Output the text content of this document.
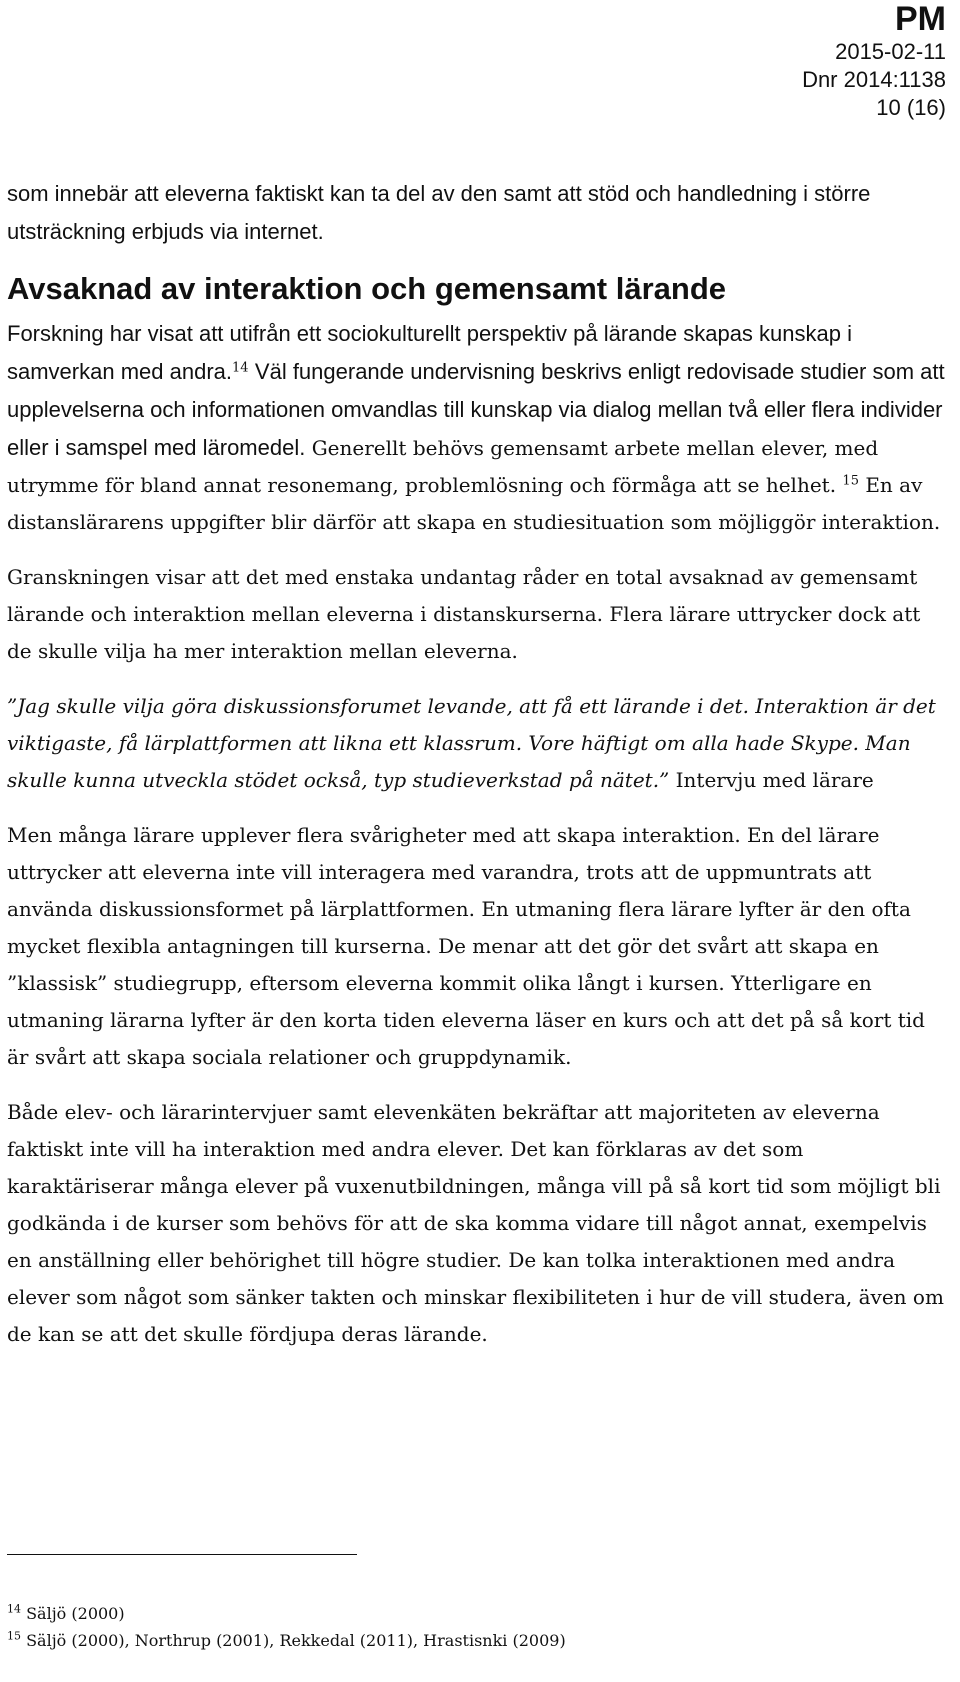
PM
2015-02-11
Dnr 2014:1138
10 (16)

som innebär att eleverna faktiskt kan ta del av den samt att stöd och handledning i större utsträckning erbjuds via internet.

Avsaknad av interaktion och gemensamt lärande

Forskning har visat att utifrån ett sociokulturellt perspektiv på lärande skapas kunskap i samverkan med andra.$^{14}$ Väl fungerande undervisning beskrivs enligt redovisade studier som att upplevelserna och informationen omvandlas till kunskap via dialog mellan två eller flera individer eller i samspel med läromedel. Generellt behövs gemensamt arbete mellan elever, med utrymme för bland annat resonemang, problemlösning och förmåga att se helhet. $^{15}$ En av distanslärarens uppgifter blir därför att skapa en studiesituation som möjliggör interaktion.

Granskningen visar att det med enstaka undantag råder en total avsaknad av gemensamt lärande och interaktion mellan eleverna i distanskurserna. Flera lärare uttrycker dock att de skulle vilja ha mer interaktion mellan eleverna.

”Jag skulle vilja göra diskussionsforumet levande, att få ett lärande i det. Interaktion är det viktigaste, få lärplattformen att likna ett klassrum. Vore häftigt om alla hade Skype. Man skulle kunna utveckla stödet också, typ studieverkstad på nätet.” Intervju med lärare

Men många lärare upplever flera svårigheter med att skapa interaktion. En del lärare uttrycker att eleverna inte vill interagera med varandra, trots att de uppmuntrats att använda diskussionsformet på lärplattformen. En utmaning flera lärare lyfter är den ofta mycket flexibla antagningen till kurserna. De menar att det gör det svårt att skapa en ”klassisk” studiegrupp, eftersom eleverna kommit olika långt i kursen. Ytterligare en utmaning lärarna lyfter är den korta tiden eleverna läser en kurs och att det på så kort tid är svårt att skapa sociala relationer och gruppdynamik.

Både elev- och lärarintervjuer samt elevenkäten bekräftar att majoriteten av eleverna faktiskt inte vill ha interaktion med andra elever. Det kan förklaras av det som karaktäriserar många elever på vuxenutbildningen, många vill på så kort tid som möjligt bli godkända i de kurser som behövs för att de ska komma vidare till något annat, exempelvis en anställning eller behörighet till högre studier. De kan tolka interaktionen med andra elever som något som sänker takten och minskar flexibiliteten i hur de vill studera, även om de kan se att det skulle fördjupa deras lärande.

$^{14}$ Säljö (2000)
$^{15}$ Säljö (2000), Northrup (2001), Rekkedal (2011), Hrastisnki (2009)
